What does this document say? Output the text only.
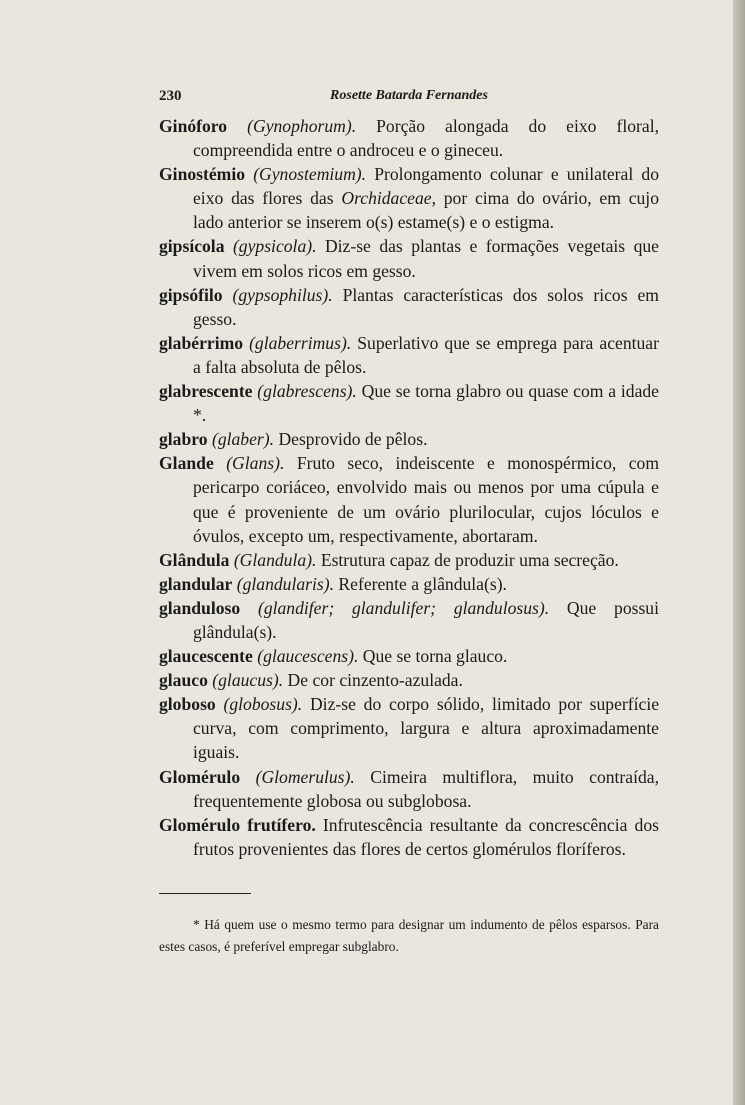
230	Rosette Batarda Fernandes

Ginóforo (Gynophorum). Porção alongada do eixo floral, compreendida entre o androceu e o gineceu.

Ginostémio (Gynostemium). Prolongamento colunar e unilateral do eixo das flores das Orchidaceae, por cima do ovário, em cujo lado anterior se inserem o(s) estame(s) e o estigma.

gipsícola (gypsicola). Diz-se das plantas e formações vegetais que vivem em solos ricos em gesso.

gipsófilo (gypsophilus). Plantas características dos solos ricos em gesso.

glabérrimo (glaberrimus). Superlativo que se emprega para acentuar a falta absoluta de pêlos.

glabrescente (glabrescens). Que se torna glabro ou quase com a idade *.

glabro (glaber). Desprovido de pêlos.

Glande (Glans). Fruto seco, indeiscente e monospérmico, com pericarpo coriáceo, envolvido mais ou menos por uma cúpula e que é proveniente de um ovário plurilocular, cujos lóculos e óvulos, excepto um, respectivamente, abortaram.

Glândula (Glandula). Estrutura capaz de produzir uma secreção.

glandular (glandularis). Referente a glândula(s).

glanduloso (glandifer; glandulifer; glandulosus). Que possui glândula(s).

glaucescente (glaucescens). Que se torna glauco.

glauco (glaucus). De cor cinzento-azulada.

globoso (globosus). Diz-se do corpo sólido, limitado por superfície curva, com comprimento, largura e altura aproximadamente iguais.

Glomérulo (Glomerulus). Cimeira multiflora, muito contraída, frequentemente globosa ou subglobosa.

Glomérulo frutífero. Infrutescência resultante da concrescência dos frutos provenientes das flores de certos glomérulos floríferos.

* Há quem use o mesmo termo para designar um indumento de pêlos esparsos. Para estes casos, é preferível empregar subglabro.
